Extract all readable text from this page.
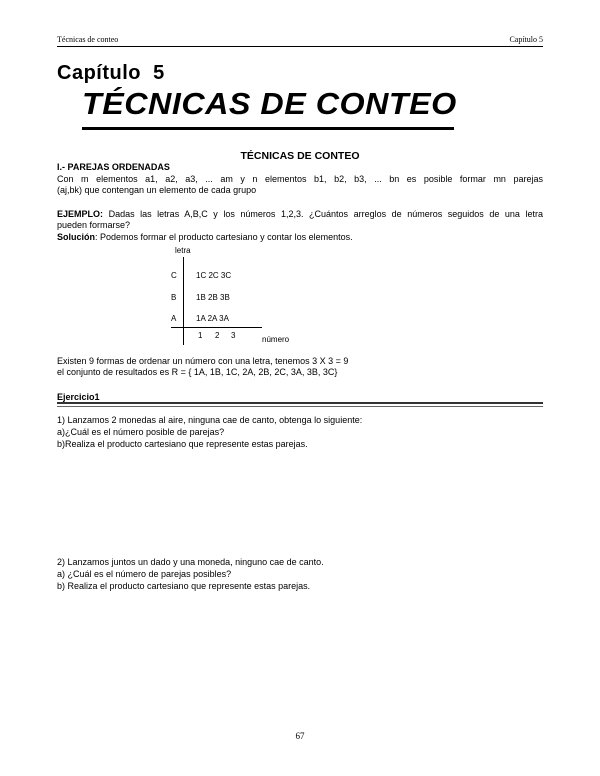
Técnicas de conteo	Capítulo 5
Capítulo 5
TÉCNICAS DE CONTEO
TÉCNICAS DE CONTEO
I.- PAREJAS ORDENADAS
Con m elementos a1, a2, a3, ... am y n elementos b1, b2, b3, ... bn es posible formar mn parejas
(aj,bk) que contengan un elemento de cada grupo
EJEMPLO: Dadas las letras A,B,C y los números 1,2,3. ¿Cuántos arreglos de números seguidos de una letra
pueden formarse?
Solución: Podemos formar el producto cartesiano y contar los elementos.
letra
C 1C 2C 3C
B 1B 2B 3B
A 1A 2A 3A
1 2 3	número
Existen 9 formas de ordenar un número con una letra, tenemos 3 X 3 = 9
el conjunto de resultados es R = { 1A, 1B, 1C, 2A, 2B, 2C, 3A, 3B, 3C}
Ejercicio1
1) Lanzamos 2 monedas al aire, ninguna cae de canto, obtenga lo siguiente:
a)¿Cuál es el número posible de parejas?
b)Realiza el producto cartesiano que represente estas parejas.
2) Lanzamos juntos un dado y una moneda, ninguno cae de canto.
a) ¿Cuál es el número de parejas posibles?
b) Realiza el producto cartesiano que represente estas parejas.
67
